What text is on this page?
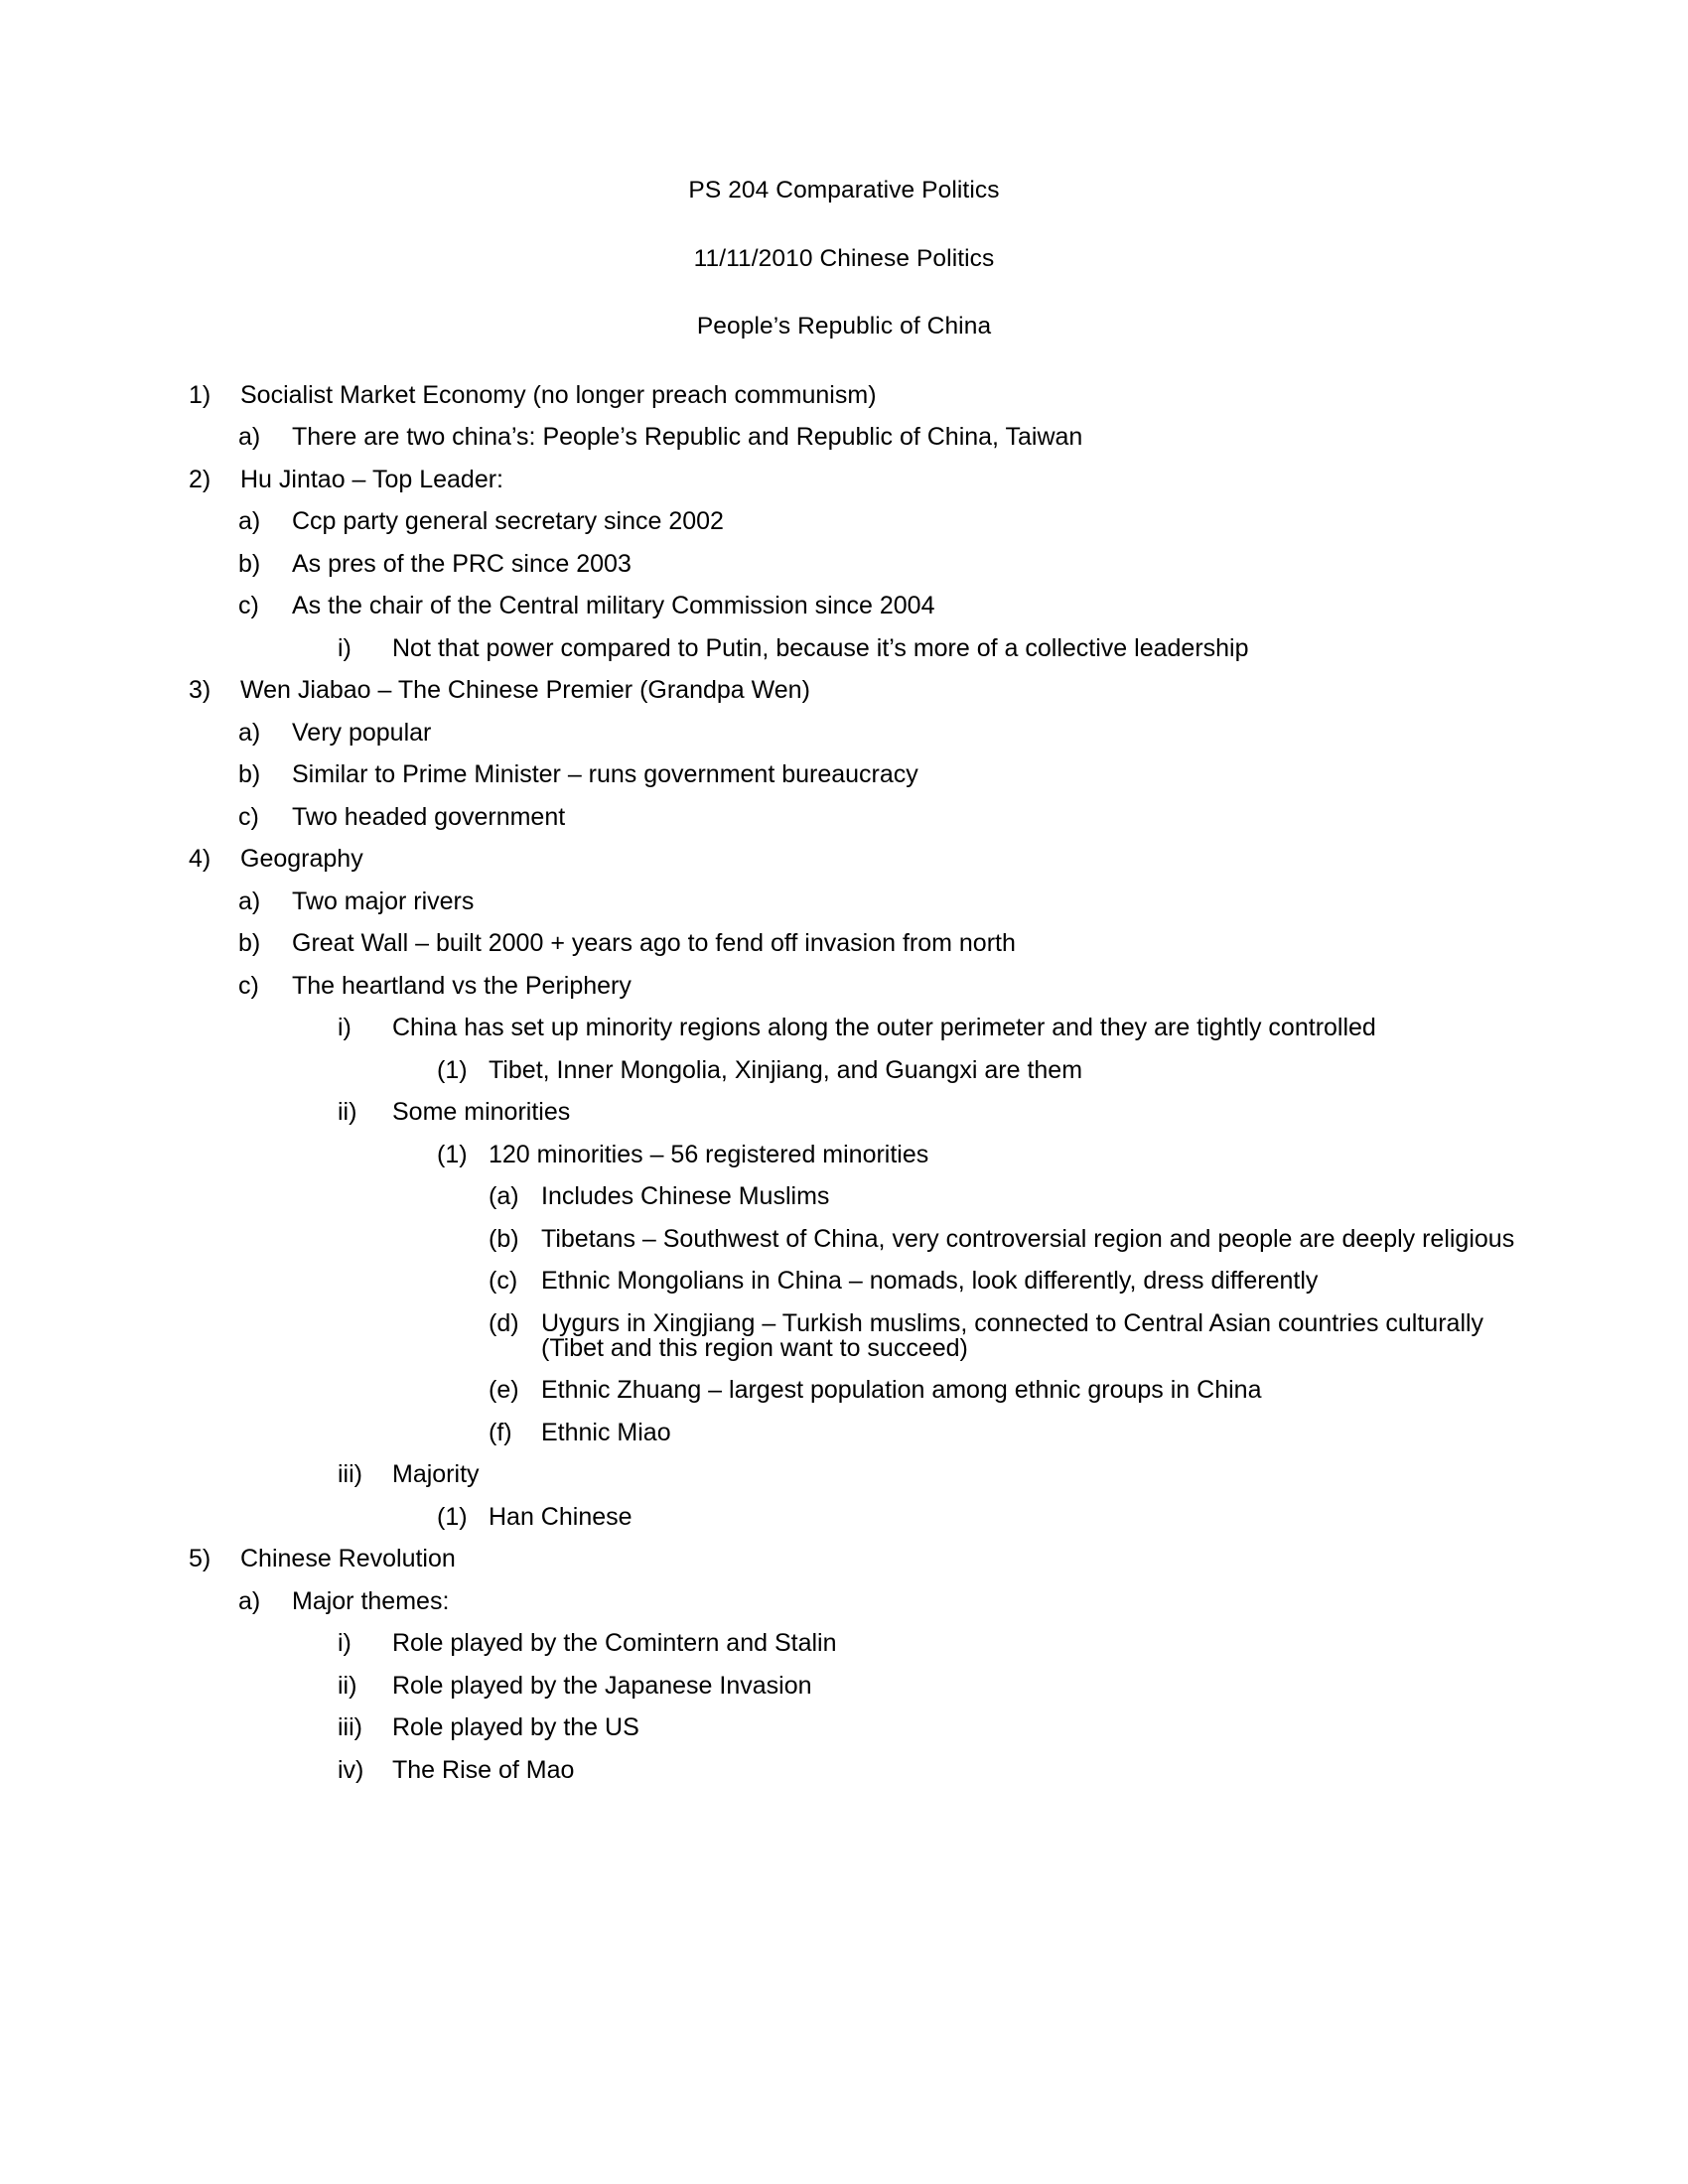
PS 204 Comparative Politics
11/11/2010 Chinese Politics
People’s Republic of China
1)	Socialist Market Economy (no longer preach communism)
a)	There are two china’s: People’s Republic and Republic of China, Taiwan
2)	Hu Jintao – Top Leader:
a)	Ccp party general secretary since 2002
b)	As pres of the PRC since 2003
c)	As the chair of the Central military Commission since 2004
i)	Not that power compared to Putin, because it’s more of a collective leadership
3)	Wen Jiabao – The Chinese Premier (Grandpa Wen)
a)	Very popular
b)	Similar to Prime Minister – runs government bureaucracy
c)	Two headed government
4)	Geography
a)	Two major rivers
b)	Great Wall – built 2000 + years ago to fend off invasion from north
c)	The heartland vs the Periphery
i)	China has set up minority regions along the outer perimeter and they are tightly controlled
(1) Tibet, Inner Mongolia, Xinjiang, and Guangxi are them
ii)	Some minorities
(1) 120 minorities – 56 registered minorities
(a) Includes Chinese Muslims
(b) Tibetans – Southwest of China, very controversial region and people are deeply religious
(c) Ethnic Mongolians in China – nomads, look differently, dress differently
(d) Uygurs in Xingjiang – Turkish muslims, connected to Central Asian countries culturally (Tibet and this region want to succeed)
(e) Ethnic Zhuang – largest population among ethnic groups in China
(f)	Ethnic Miao
iii)	Majority
(1) Han Chinese
5)	Chinese Revolution
a)	Major themes:
i)	Role played by the Comintern and Stalin
ii)	Role played by the Japanese Invasion
iii)	Role played by the US
iv)	The Rise of Mao
